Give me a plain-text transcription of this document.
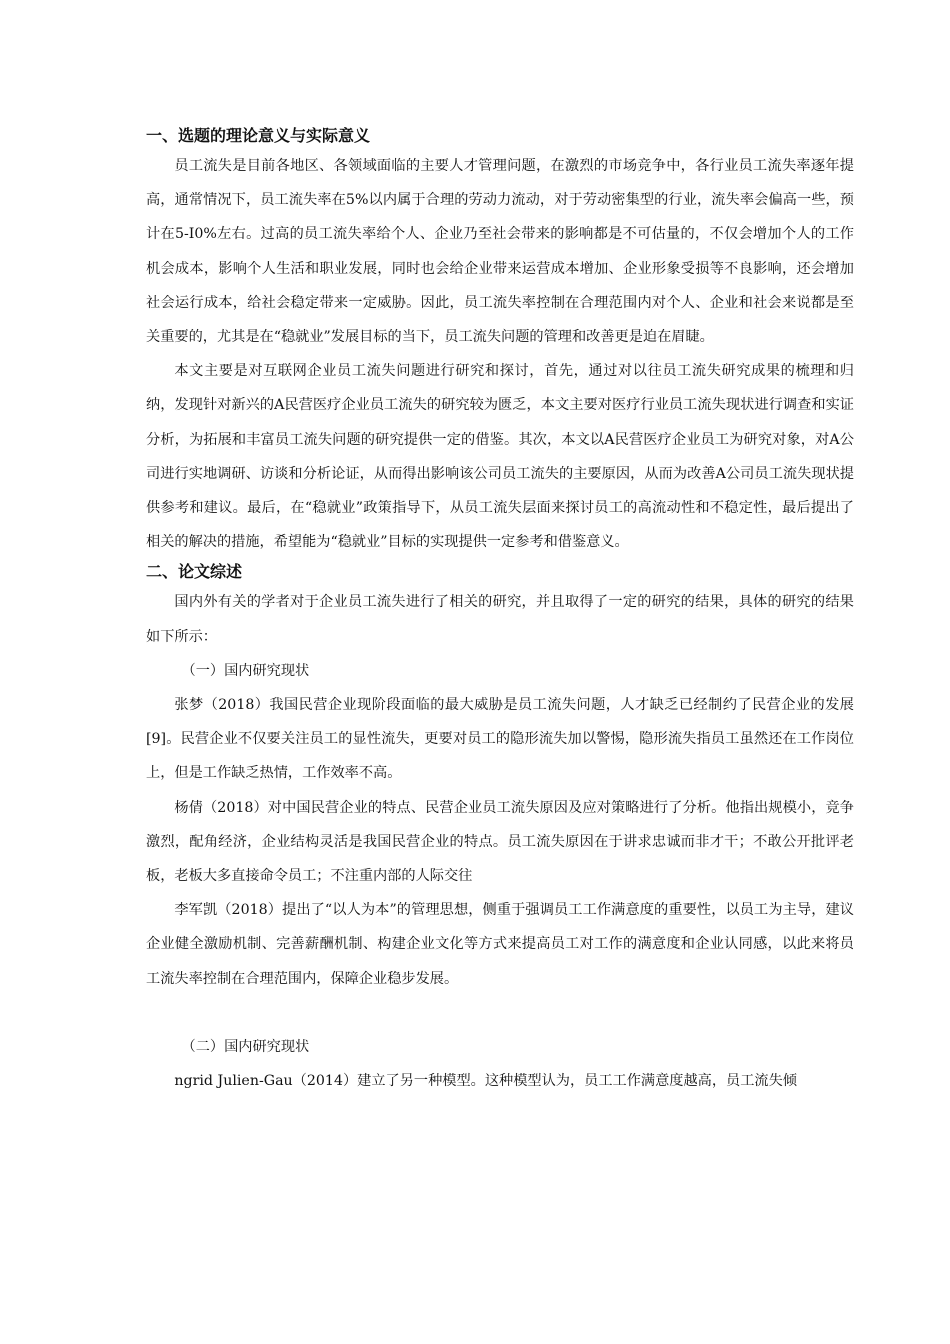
一、选题的理论意义与实际意义

员工流失是目前各地区、各领域面临的主要人才管理问题，在激烈的市场竞争中，各行业员工流失率逐年提高，通常情况下，员工流失率在5%以内属于合理的劳动力流动，对于劳动密集型的行业，流失率会偏高一些，预计在5-I0%左右。过高的员工流失率给个人、企业乃至社会带来的影响都是不可估量的，不仅会增加个人的工作机会成本，影响个人生活和职业发展，同时也会给企业带来运营成本增加、企业形象受损等不良影响，还会增加社会运行成本，给社会稳定带来一定威胁。因此，员工流失率控制在合理范围内对个人、企业和社会来说都是至关重要的，尤其是在“稳就业”发展目标的当下，员工流失问题的管理和改善更是迫在眉睫。

本文主要是对互联网企业员工流失问题进行研究和探讨，首先，通过对以往员工流失研究成果的梳理和归纳，发现针对新兴的A民营医疗企业员工流失的研究较为匮乏，本文主要对医疗行业员工流失现状进行调查和实证分析，为拓展和丰富员工流失问题的研究提供一定的借鉴。其次，本文以A民营医疗企业员工为研究对象，对A公司进行实地调研、访谈和分析论证，从而得出影响该公司员工流失的主要原因，从而为改善A公司员工流失现状提供参考和建议。最后，在“稳就业”政策指导下，从员工流失层面来探讨员工的高流动性和不稳定性，最后提出了相关的解决的措施，希望能为“稳就业”目标的实现提供一定参考和借鉴意义。

二、论文综述

国内外有关的学者对于企业员工流失进行了相关的研究，并且取得了一定的研究的结果，具体的研究的结果如下所示：

（一）国内研究现状

张梦（2018）我国民营企业现阶段面临的最大威胁是员工流失问题，人才缺乏已经制约了民营企业的发展[9]。民营企业不仅要关注员工的显性流失，更要对员工的隐形流失加以警惕，隐形流失指员工虽然还在工作岗位上，但是工作缺乏热情，工作效率不高。

杨倩（2018）对中国民营企业的特点、民营企业员工流失原因及应对策略进行了分析。他指出规模小，竞争激烈，配角经济，企业结构灵活是我国民营企业的特点。员工流失原因在于讲求忠诚而非才干；不敢公开批评老板，老板大多直接命令员工；不注重内部的人际交往

李军凯（2018）提出了“以人为本”的管理思想，侧重于强调员工工作满意度的重要性，以员工为主导，建议企业健全激励机制、完善薪酬机制、构建企业文化等方式来提高员工对工作的满意度和企业认同感，以此来将员工流失率控制在合理范围内，保障企业稳步发展。

（二）国内研究现状

ngrid Julien-Gau（2014）建立了另一种模型。这种模型认为，员工工作满意度越高，员工流失倾
